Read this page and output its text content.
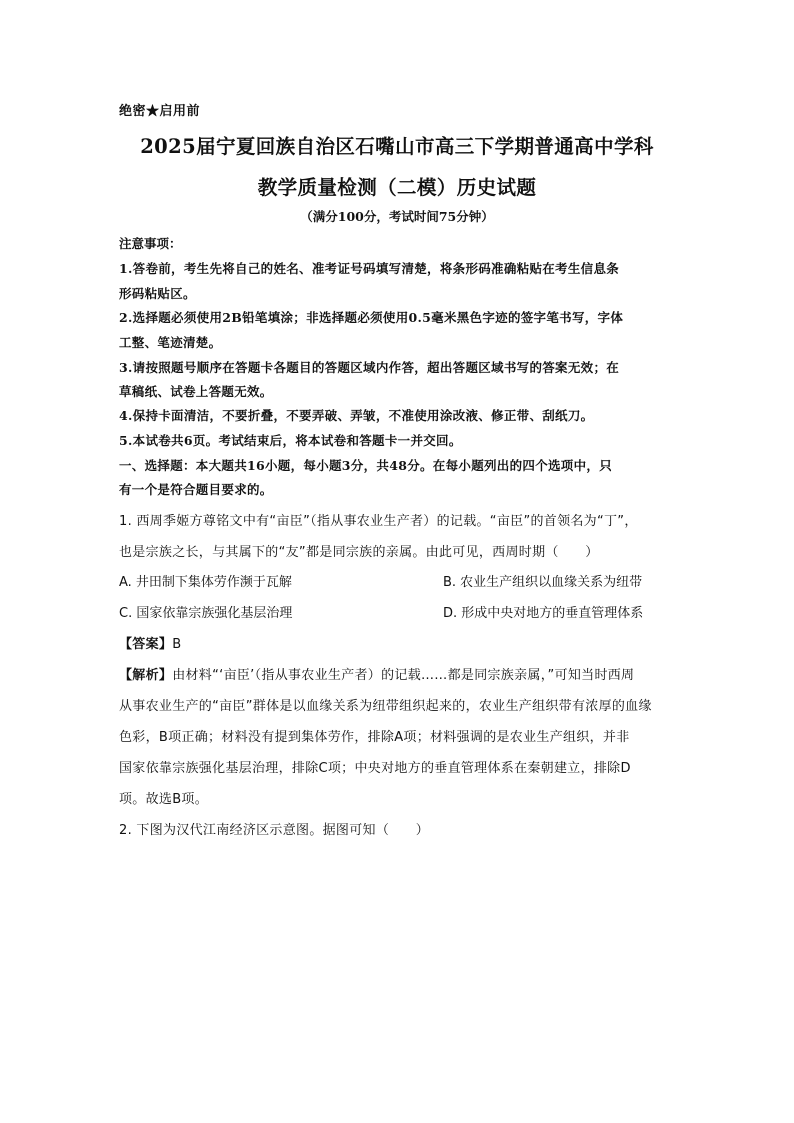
绝密★启用前
2025届宁夏回族自治区石嘴山市高三下学期普通高中学科
教学质量检测（二模）历史试题
（满分100分，考试时间75分钟）
注意事项：
1.答卷前，考生先将自己的姓名、准考证号码填写清楚，将条形码准确粘贴在考生信息条
形码粘贴区。
2.选择题必须使用2B铅笔填涂；非选择题必须使用0.5毫米黑色字迹的签字笔书写，字体
工整、笔迹清楚。
3.请按照题号顺序在答题卡各题目的答题区域内作答，超出答题区域书写的答案无效；在
草稿纸、试卷上答题无效。
4.保持卡面清洁，不要折叠，不要弄破、弄皱，不准使用涂改液、修正带、刮纸刀。
5.本试卷共6页。考试结束后，将本试卷和答题卡一并交回。
一、选择题：本大题共16小题，每小题3分，共48分。在每小题列出的四个选项中，只
有一个是符合题目要求的。
1. 西周季姬方尊铭文中有“亩臣”（指从事农业生产者）的记载。“亩臣”的首领名为“丁”，
也是宗族之长，与其属下的“友”都是同宗族的亲属。由此可见，西周时期（　　）
A. 井田制下集体劳作濒于瓦解	B. 农业生产组织以血缘关系为纽带
C. 国家依靠宗族强化基层治理	D. 形成中央对地方的垂直管理体系
【答案】B
【解析】由材料“‘亩臣’（指从事农业生产者）的记载……都是同宗族亲属，”可知当时西周
从事农业生产的“亩臣”群体是以血缘关系为纽带组织起来的，农业生产组织带有浓厚的血缘
色彩，B项正确；材料没有提到集体劳作，排除A项；材料强调的是农业生产组织，并非
国家依靠宗族强化基层治理，排除C项；中央对地方的垂直管理体系在秦朝建立，排除D
项。故选B项。
2. 下图为汉代江南经济区示意图。据图可知（　　）
